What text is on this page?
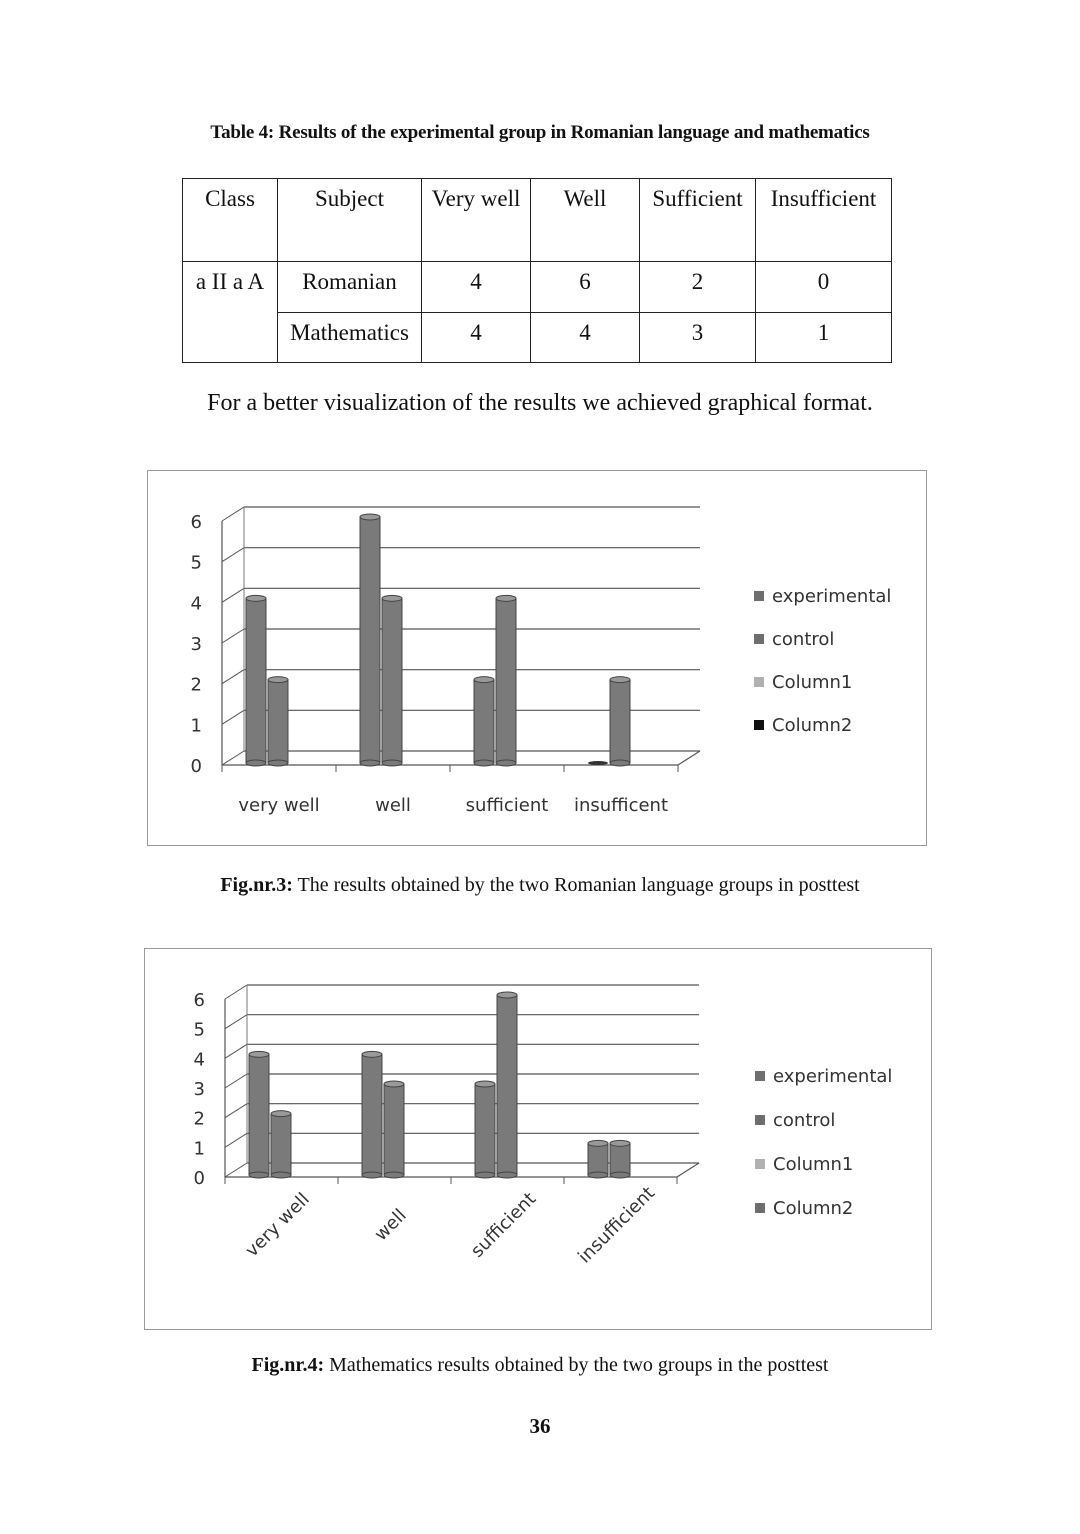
Table 4: Results of the experimental group in Romanian language and mathematics
Class	Subject	Very well	Well	Sufficient	Insufficient
a II a A	Romanian	4	6	2	0
	Mathematics	4	4	3	1
For a better visualization of the results we achieved graphical format.
0
1
2
3
4
5
6
very well	well	sufficient insufficent
experimental
control
Column1
Column2
Fig.nr.3: The results obtained by the two Romanian language groups in posttest
0
1
2
3
4
5
6
very well	well	sufficient insufficient
experimental
control
Column1
Column2
Fig.nr.4: Mathematics results obtained by the two groups in the posttest
36
